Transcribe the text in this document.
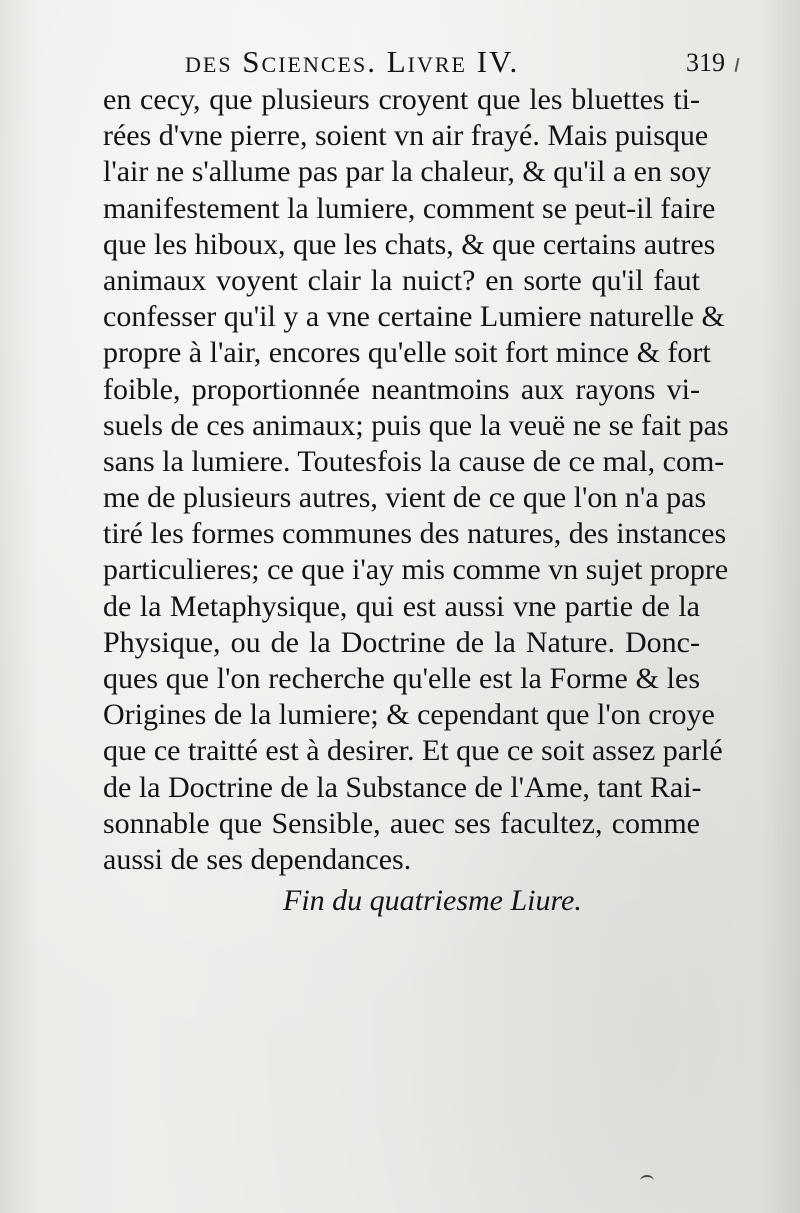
des Sciences. Livre IV.	319
en cecy, que plusieurs croyent que les bluettes ti-
rées d'vne pierre, soient vn air frayé. Mais puisque
l'air ne s'allume pas par la chaleur, & qu'il a en soy
manifestement la lumiere, comment se peut-il faire
que les hiboux, que les chats, & que certains autres
animaux voyent clair la nuict? en sorte qu'il faut
confesser qu'il y a vne certaine Lumiere naturelle &
propre à l'air, encores qu'elle soit fort mince & fort
foible, proportionnée neantmoins aux rayons vi-
suels de ces animaux; puis que la veuë ne se fait pas
sans la lumiere. Toutesfois la cause de ce mal, com-
me de plusieurs autres, vient de ce que l'on n'a pas
tiré les formes communes des natures, des instances
particulieres; ce que i'ay mis comme vn sujet propre
de la Metaphysique, qui est aussi vne partie de la
Physique, ou de la Doctrine de la Nature. Donc-
ques que l'on recherche qu'elle est la Forme & les
Origines de la lumiere; & cependant que l'on croye
que ce traitté est à desirer. Et que ce soit assez parlé
de la Doctrine de la Substance de l'Ame, tant Rai-
sonnable que Sensible, auec ses facultez, comme
aussi de ses dependances.
Fin du quatriesme Liure.
